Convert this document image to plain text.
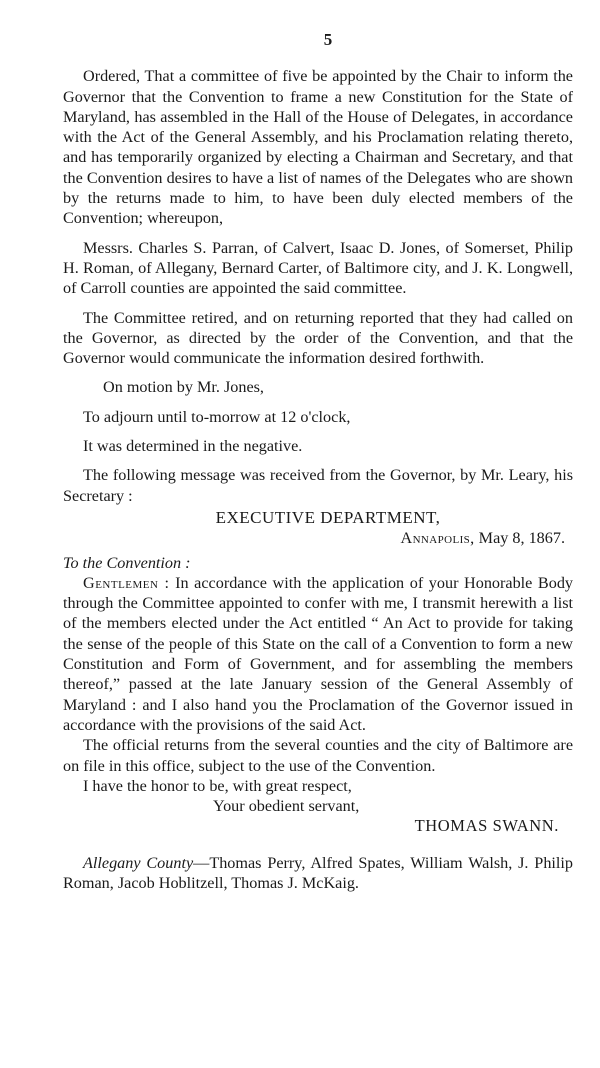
5

Ordered, That a committee of five be appointed by the Chair to inform the Governor that the Convention to frame a new Constitution for the State of Maryland, has assembled in the Hall of the House of Delegates, in accordance with the Act of the General Assembly, and his Proclamation relating thereto, and has temporarily organized by electing a Chairman and Secretary, and that the Convention desires to have a list of names of the Delegates who are shown by the returns made to him, to have been duly elected members of the Convention; whereupon,

Messrs. Charles S. Parran, of Calvert, Isaac D. Jones, of Somerset, Philip H. Roman, of Allegany, Bernard Carter, of Baltimore city, and J. K. Longwell, of Carroll counties are appointed the said committee.

The Committee retired, and on returning reported that they had called on the Governor, as directed by the order of the Convention, and that the Governor would communicate the information desired forthwith.

On motion by Mr. Jones,

To adjourn until to-morrow at 12 o'clock,

It was determined in the negative.

The following message was received from the Governor, by Mr. Leary, his Secretary :

EXECUTIVE DEPARTMENT,
Annapolis, May 8, 1867.
To the Convention :

Gentlemen : In accordance with the application of your Honorable Body through the Committee appointed to confer with me, I transmit herewith a list of the members elected under the Act entitled “ An Act to provide for taking the sense of the people of this State on the call of a Convention to form a new Constitution and Form of Government, and for assembling the members thereof,” passed at the late January session of the General Assembly of Maryland : and I also hand you the Proclamation of the Governor issued in accordance with the provisions of the said Act.

The official returns from the several counties and the city of Baltimore are on file in this office, subject to the use of the Convention.

I have the honor to be, with great respect,

Your obedient servant,

THOMAS SWANN.

Allegany County—Thomas Perry, Alfred Spates, William Walsh, J. Philip Roman, Jacob Hoblitzell, Thomas J. McKaig.
